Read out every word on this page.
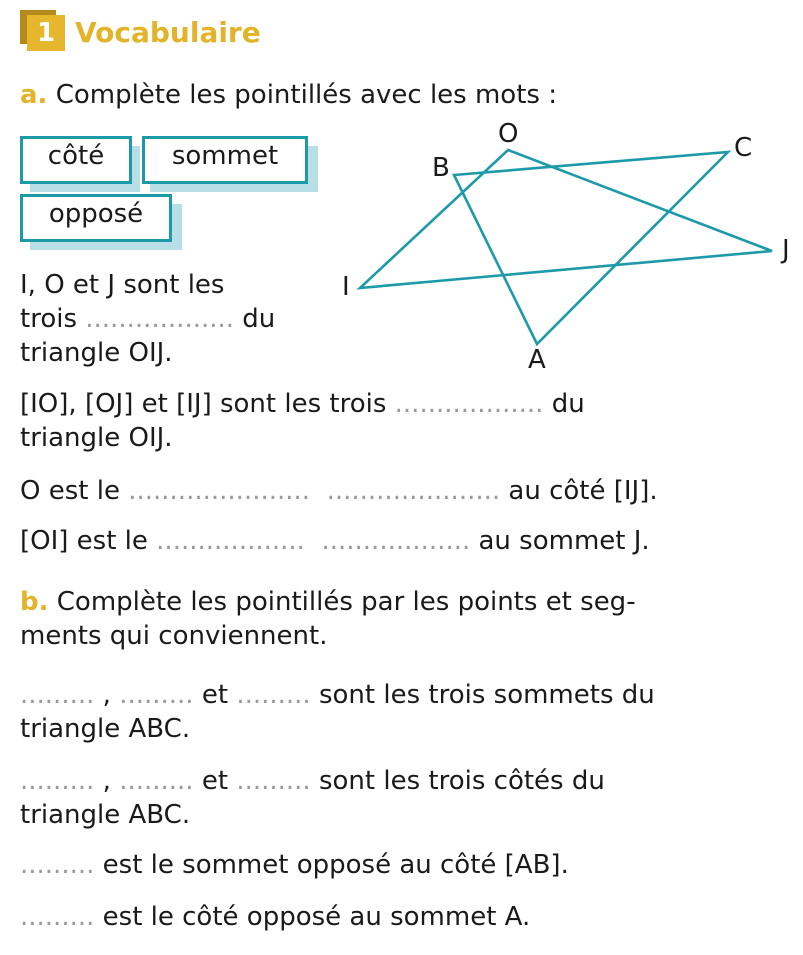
1 Vocabulaire
a. Complète les pointillés avec les mots :
côté	sommet
opposé
O	C
B
J
I
A
I, O et J sont les
trois .................. du
triangle OIJ.
[IO], [OJ] et [IJ] sont les trois .................. du
triangle OIJ.
O est le ...................... ..................... au côté [IJ].
[OI] est le .................. .................. au sommet J.
b. Complète les pointillés par les points et seg-
ments qui conviennent.
......... , ......... et ......... sont les trois sommets du
triangle ABC.
......... , ......... et ......... sont les trois côtés du
triangle ABC.
......... est le sommet opposé au côté [AB].
......... est le côté opposé au sommet A.
